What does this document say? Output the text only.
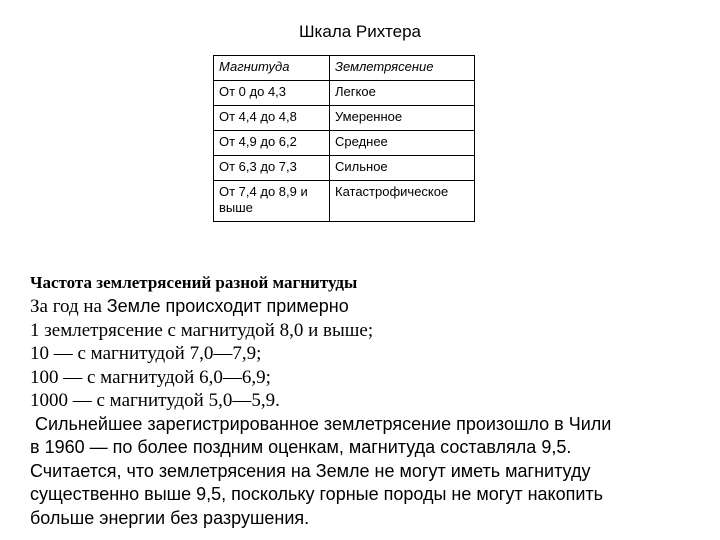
Шкала Рихтера
Магнитуда	Землетрясение
От 0 до 4,3	Легкое
От 4,4 до 4,8	Умеренное
От 4,9 до 6,2	Среднее
От 6,3 до 7,3	Сильное
От 7,4 до 8,9 и выше	Катастрофическое
Частота землетрясений разной магнитуды
За год на Земле происходит примерно
1 землетрясение с магнитудой 8,0 и выше;
10 — с магнитудой 7,0—7,9;
100 — с магнитудой 6,0—6,9;
1000 — с магнитудой 5,0—5,9.
Сильнейшее зарегистрированное землетрясение произошло в Чили
в 1960 — по более поздним оценкам, магнитуда составляла 9,5.
Считается, что землетрясения на Земле не могут иметь магнитуду
существенно выше 9,5, поскольку горные породы не могут накопить
больше энергии без разрушения.
